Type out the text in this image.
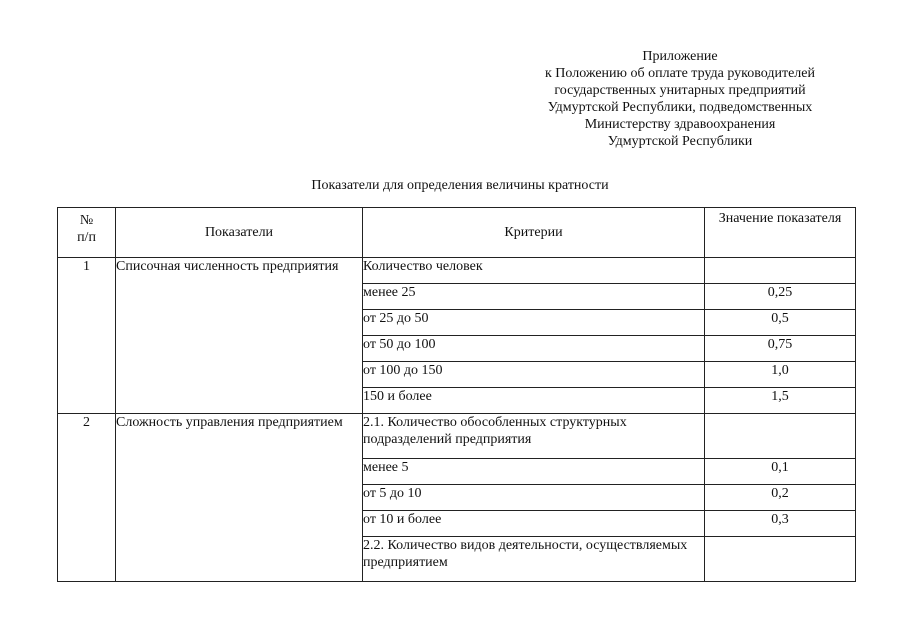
Приложение
к Положению об оплате труда руководителей
государственных унитарных предприятий
Удмуртской Республики, подведомственных
Министерству здравоохранения
Удмуртской Республики
Показатели для определения величины кратности
№
п/п	Показатели	Критерии	Значение показателя
1	Списочная численность предприятия	Количество человек	
		менее 25	0,25
		от 25 до 50	0,5
		от 50 до 100	0,75
		от 100 до 150	1,0
		150 и более	1,5
2	Сложность управления предприятием	2.1. Количество обособленных структурных подразделений предприятия	
		менее 5	0,1
		от 5 до 10	0,2
		от 10 и более	0,3
		2.2. Количество видов деятельности, осуществляемых предприятием	
